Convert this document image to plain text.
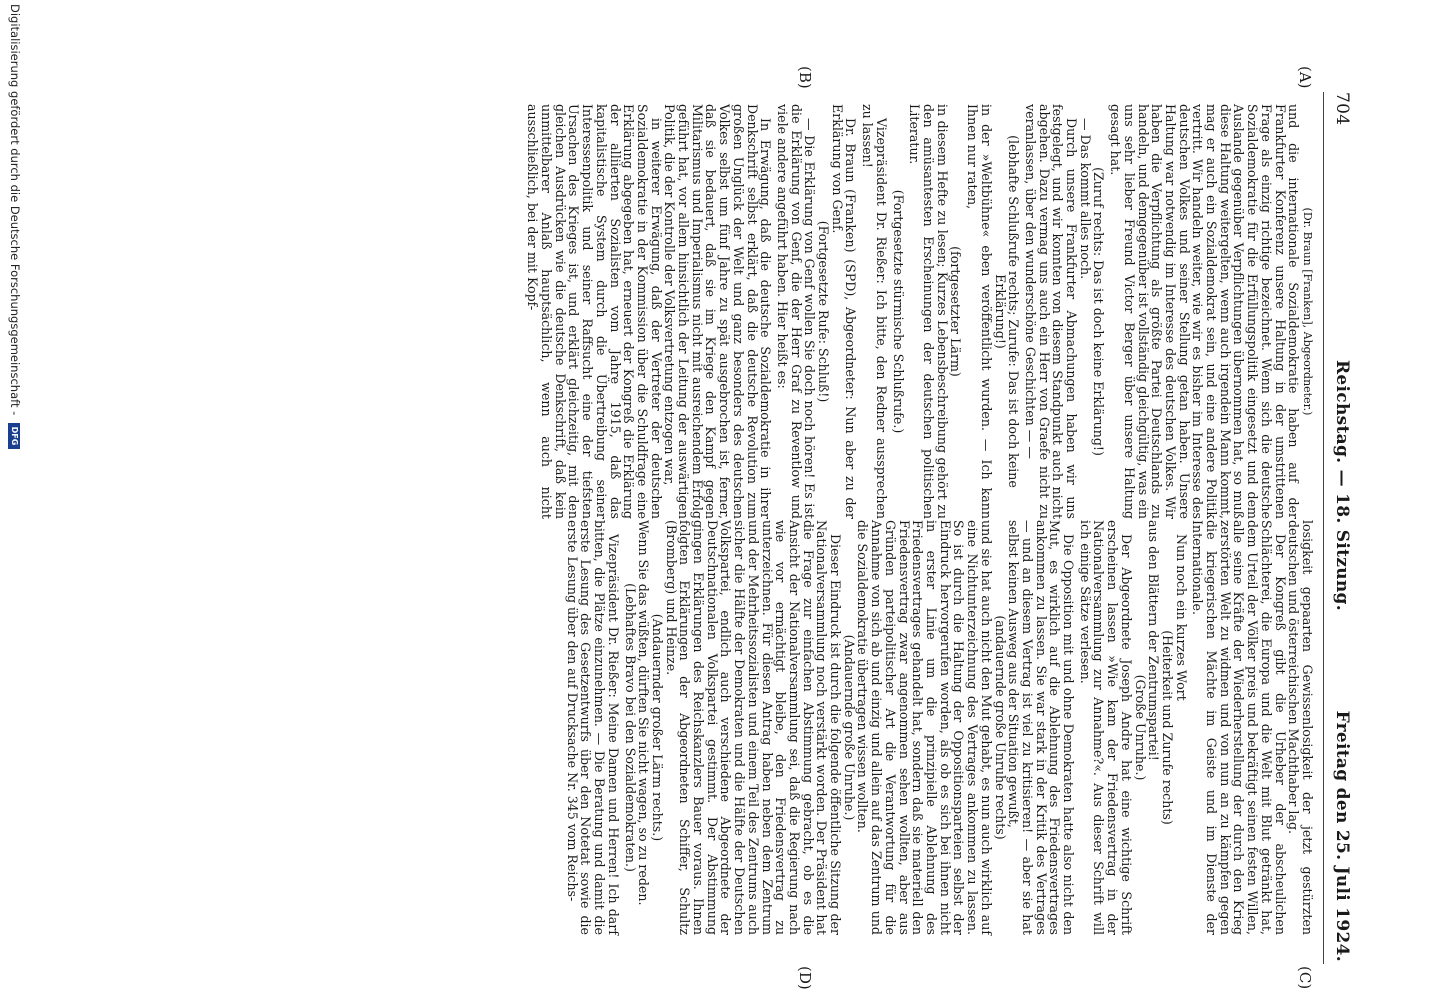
704
Reichstag. — 18. Sitzung.
Freitag den 25. Juli 1924.
(A)
(B)
(C)
(D)

(Dr. Braun [Franken], Abgeordneter.)

und die internationale Sozialdemokratie haben auf der Frankfurter Konferenz unsere Haltung in der umstrittenen Frage als einzig richtige bezeichnet. Wenn sich die deutsche Sozialdemokratie für die Erfüllungspolitik eingesetzt und dem Auslande gegenüber Verpflichtungen übernommen hat, so muß diese Haltung weitergelten, wenn auch irgendein Mann kommt, mag er auch ein Sozialdemokrat sein, und eine andere Politik vertritt. Wir handeln weiter, wie wir es bisher im Interesse des deutschen Volkes und seiner Stellung getan haben. Unsere Haltung war notwendig im Interesse des deutschen Volkes. Wir haben die Verpflichtung als größte Partei Deutschlands zu handeln, und demgegenüber ist vollständig gleichgültig, was ein uns sehr lieber Freund Victor Berger über unsere Haltung gesagt hat.

(Zuruf rechts: Das ist doch keine Erklärung!)

— Das kommt alles noch.

Durch unsere Frankfurter Abmachungen haben wir uns festgelegt, und wir konnten von diesem Standpunkt auch nicht abgehen. Dazu vermag uns auch ein Herr von Graefe nicht zu veranlassen, über den wunderschöne Geschichten — —

(lebhafte Schlußrufe rechts; Zurufe: Das ist doch keine Erklärung!)

in der »Weltbühne« eben veröffentlicht wurden. — Ich kann Ihnen nur raten,

(fortgesetzter Lärm)

in diesem Hefte zu lesen; Kurzes Lebensbeschreibung gehört zu den amüsantesten Erscheinungen der deutschen politischen Literatur.

(Fortgesetzte stürmische Schlußrufe.)

Vizepräsident Dr. Rießer: Ich bitte, den Redner aussprechen zu lassen!

Dr. Braun (Franken) (SPD), Abgeordneter: Nun aber zu der Erklärung von Genf.

(Fortgesetzte Rufe: Schluß!)

— Die Erklärung von Genf wollen Sie doch noch hören! Es ist die Erklärung von Genf, die der Herr Graf zu Reventlow und viele andere angeführt haben. Hier heißt es:

In Erwägung, daß die deutsche Sozialdemokratie in ihrer Denkschrift selbst erklärt, daß die deutsche Revolution zum großen Unglück der Welt und ganz besonders des deutschen Volkes selbst um fünf Jahre zu spät ausgebrochen ist, ferner, daß sie bedauert, daß sie im Kriege den Kampf gegen Militarismus und Imperialismus nicht mit ausreichendem Erfolg geführt hat, vor allem hinsichtlich der Leitung der auswärtigen Politik, die der Kontrolle der Volksvertretung entzogen war,

in weiterer Erwägung, daß der Vertreter der deutschen Sozialdemokratie in der Kommission über die Schuldfrage eine Erklärung abgegeben hat, erneuert der Kongreß die Erklärung der alliierten Sozialisten vom Jahre 1915, daß das kapitalistische System durch die Übertreibung seiner Interessenpolitik und seiner Raffsucht eine der tiefsten Ursachen des Krieges ist, und erklärt gleichzeitig, mit den gleichen Ausdrücken wie die deutsche Denkschrift, daß kein unmittelbarer Anlaß hauptsächlich, wenn auch nicht ausschließlich, bei der mit Kopf-

losigkeit gepaarten Gewissenlosigkeit der jetzt gestürzten deutschen und österreichischen Machthaber lag.

Der Kongreß gibt die Urheber der abscheulichen Schlächterei, die Europa und die Welt mit Blut getränkt hat, dem Urteil der Völker preis und bekräftigt seinen festen Willen, alle seine Kräfte der Wiederherstellung der durch den Krieg zerstörten Welt zu widmen und von nun an zu kämpfen gegen die kriegerischen Mächte im Geiste und im Dienste der Internationale.

Nun noch ein kurzes Wort

(Heiterkeit und Zurufe rechts)

aus den Blättern der Zentrumspartei!

(Große Unruhe.)

Der Abgeordnete Joseph Andre hat eine wichtige Schrift erscheinen lassen »Wie kam der Friedensvertrag in der Nationalversammlung zur Annahme?«. Aus dieser Schrift will ich einige Sätze verlesen.

Die Opposition mit und ohne Demokraten hatte also nicht den Mut, es wirklich auf die Ablehnung des Friedensvertrages ankommen zu lassen. Sie war stark in der Kritik des Vertrages — und an diesem Vertrag ist viel zu kritisieren! — aber sie hat selbst keinen Ausweg aus der Situation gewußt,

(andauernde große Unruhe rechts)

und sie hat auch nicht den Mut gehabt, es nun auch wirklich auf eine Nichtunterzeichnung des Vertrages ankommen zu lassen. So ist durch die Haltung der Oppositionsparteien selbst der Eindruck hervorgerufen worden, als ob es sich bei ihnen nicht in erster Linie um die prinzipielle Ablehnung des Friedensvertrages gehandelt hat, sondern daß sie materiell den Friedensvertrag zwar angenommen sehen wollten, aber aus Gründen parteipolitischer Art die Verantwortung für die Annahme von sich ab und einzig und allein auf das Zentrum und die Sozialdemokratie übertragen wissen wollten.

(Andauernde große Unruhe.)

Dieser Eindruck ist durch die folgende öffentliche Sitzung der Nationalversammlung noch verstärkt worden. Der Präsident hat die Frage zur einfachen Abstimmung gebracht, ob es die Ansicht der Nationalversammlung sei, daß die Regierung nach wie vor ermächtigt bleibe, den Friedensvertrag zu unterzeichnen. Für diesen Antrag haben neben dem Zentrum und der Mehrheitssozialisten und einem Teil des Zentrums auch sicher die Hälfte der Demokraten und die Hälfte der Deutschen Volkspartei, endlich auch verschiedene Abgeordnete der Deutschnationalen Volkspartei gestimmt. Der Abstimmung gingen Erklärungen des Reichskanzlers Bauer voraus. Ihnen folgten Erklärungen der Abgeordneten Schiffer, Schultz (Bromberg) und Heinze.

(Andauernder großer Lärm rechts.)

Wenn Sie das wüßten, dürften Sie nicht wagen, so zu reden.

(Lebhaftes Bravo bei den Sozialdemokraten.)

Vizepräsident Dr. Rießer: Meine Damen und Herren! Ich darf bitten, die Plätze einzunehmen. — Die Beratung und damit die erste Lesung des Gesetzentwurfs über den Notetat sowie die erste Lesung über den auf Drucksache Nr. 345 vom Reichs-

Digitalisierung gefördert durch die Deutsche Forschungsgemeinschaft - DFG
